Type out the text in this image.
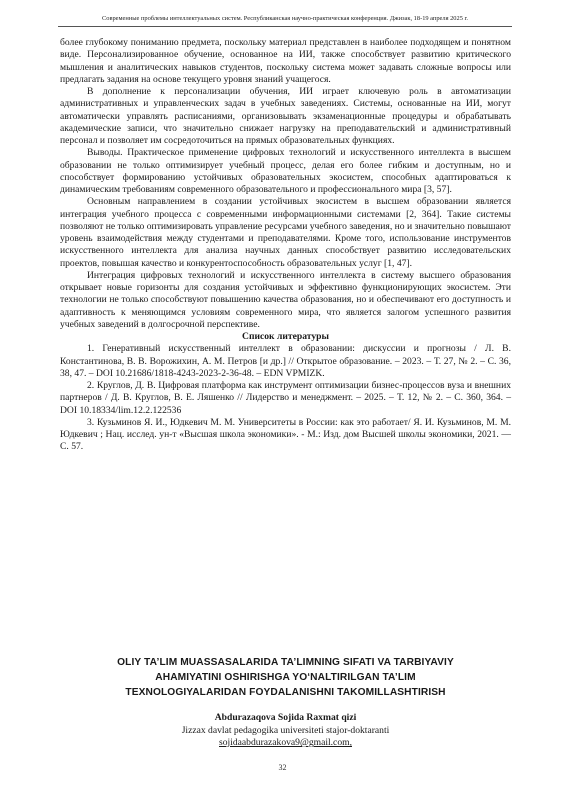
Современные проблемы интеллектуальных систем. Республиканская научно-практическая конференция. Джизак, 18-19 апреля 2025 г.

более глубокому пониманию предмета, поскольку материал представлен в наиболее подходящем и понятном виде. Персонализированное обучение, основанное на ИИ, также способствует развитию критического мышления и аналитических навыков студентов, поскольку система может задавать сложные вопросы или предлагать задания на основе текущего уровня знаний учащегося.

В дополнение к персонализации обучения, ИИ играет ключевую роль в автоматизации административных и управленческих задач в учебных заведениях. Системы, основанные на ИИ, могут автоматически управлять расписаниями, организовывать экзаменационные процедуры и обрабатывать академические записи, что значительно снижает нагрузку на преподавательский и административный персонал и позволяет им сосредоточиться на прямых образовательных функциях.

Выводы. Практическое применение цифровых технологий и искусственного интеллекта в высшем образовании не только оптимизирует учебный процесс, делая его более гибким и доступным, но и способствует формированию устойчивых образовательных экосистем, способных адаптироваться к динамическим требованиям современного образовательного и профессионального мира [3, 57].

Основным направлением в создании устойчивых экосистем в высшем образовании является интеграция учебного процесса с современными информационными системами [2, 364]. Такие системы позволяют не только оптимизировать управление ресурсами учебного заведения, но и значительно повышают уровень взаимодействия между студентами и преподавателями. Кроме того, использование инструментов искусственного интеллекта для анализа научных данных способствует развитию исследовательских проектов, повышая качество и конкурентоспособность образовательных услуг [1, 47].

Интеграция цифровых технологий и искусственного интеллекта в систему высшего образования открывает новые горизонты для создания устойчивых и эффективно функционирующих экосистем. Эти технологии не только способствуют повышению качества образования, но и обеспечивают его доступность и адаптивность к меняющимся условиям современного мира, что является залогом успешного развития учебных заведений в долгосрочной перспективе.

Список литературы

1. Генеративный искусственный интеллект в образовании: дискуссии и прогнозы / Л. В. Константинова, В. В. Ворожихин, А. М. Петров [и др.] // Открытое образование. – 2023. – Т. 27, № 2. – С. 36, 38, 47. – DOI 10.21686/1818-4243-2023-2-36-48. – EDN VPMIZK.

2. Круглов, Д. В. Цифровая платформа как инструмент оптимизации бизнес-процессов вуза и внешних партнеров / Д. В. Круглов, В. Е. Ляшенко // Лидерство и менеджмент. – 2025. – Т. 12, № 2. – С. 360, 364. – DOI 10.18334/lim.12.2.122536

3. Кузьминов Я. И., Юдкевич М. М. Университеты в России: как это работает/ Я. И. Кузьминов, М. М. Юдкевич ; Нац. исслед. ун-т «Высшая школа экономики». - М.: Изд. дом Высшей школы экономики, 2021. — С. 57.

OLIY TA’LIM MUASSASALARIDA TA’LIMNING SIFATI VA TARBIYAVIY
AHAMIYATINI OSHIRISHGA YO‘NALTIRILGAN TA’LIM
TEXNOLOGIYALARIDAN FOYDALANISHNI TAKOMILLASHTIRISH
Abdurazaqova Sojida Raxmat qizi
Jizzax davlat pedagogika universiteti stajor-doktaranti
sojidaabdurazakova9@gmail.com,
32
